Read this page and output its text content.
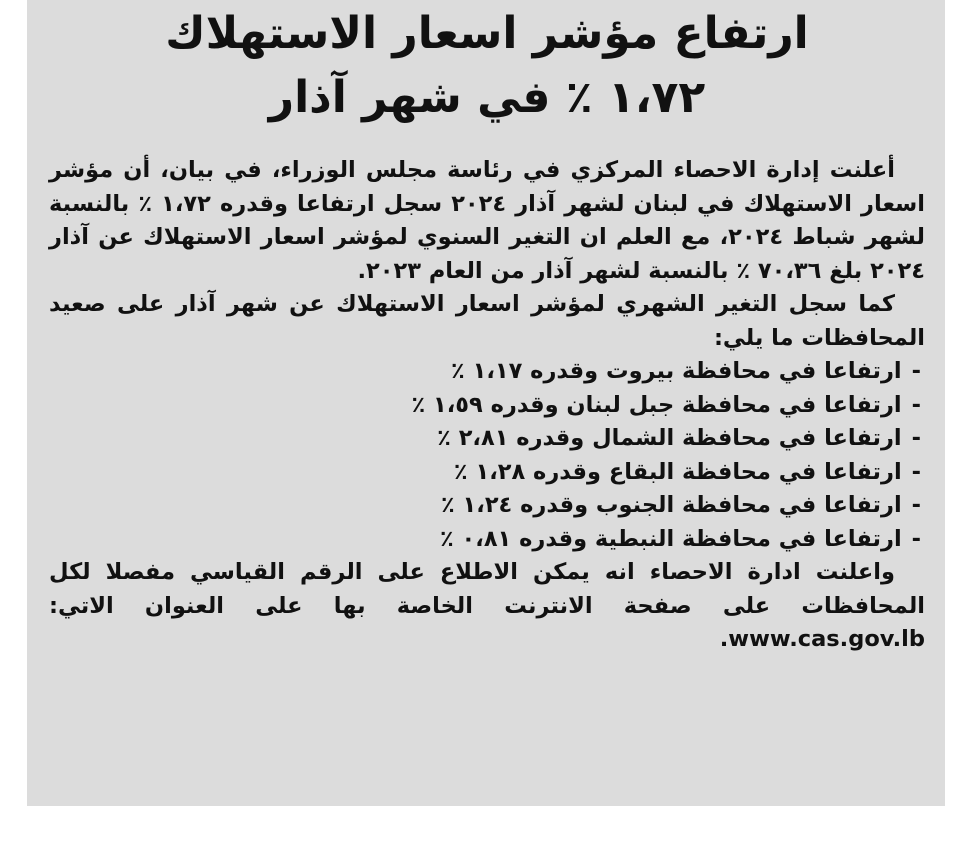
ارتفاع مؤشر اسعار الاستهلاك
١،٧٢ ٪ في شهر آذار

أعلنت إدارة الاحصاء المركزي في رئاسة مجلس الوزراء، في بيان، أن مؤشر اسعار الاستهلاك في لبنان لشهر آذار ٢٠٢٤ سجل ارتفاعا وقدره ١،٧٢ ٪ بالنسبة لشهر شباط ٢٠٢٤، مع العلم ان التغير السنوي لمؤشر اسعار الاستهلاك عن آذار ٢٠٢٤ بلغ ٧٠،٣٦ ٪ بالنسبة لشهر آذار من العام ٢٠٢٣.

كما سجل التغير الشهري لمؤشر اسعار الاستهلاك عن شهر آذار على صعيد المحافظات ما يلي:

-ارتفاعا في محافظة بيروت وقدره ١،١٧ ٪
-ارتفاعا في محافظة جبل لبنان وقدره ١،٥٩ ٪
-ارتفاعا في محافظة الشمال وقدره ٢،٨١ ٪
-ارتفاعا في محافظة البقاع وقدره ١،٢٨ ٪
-ارتفاعا في محافظة الجنوب وقدره ١،٢٤ ٪
-ارتفاعا في محافظة النبطية وقدره ٠،٨١ ٪

واعلنت ادارة الاحصاء انه يمكن الاطلاع على الرقم القياسي مفصلا لكل المحافظات على صفحة الانترنت الخاصة بها على العنوان الاتي: www.cas.gov.lb.
